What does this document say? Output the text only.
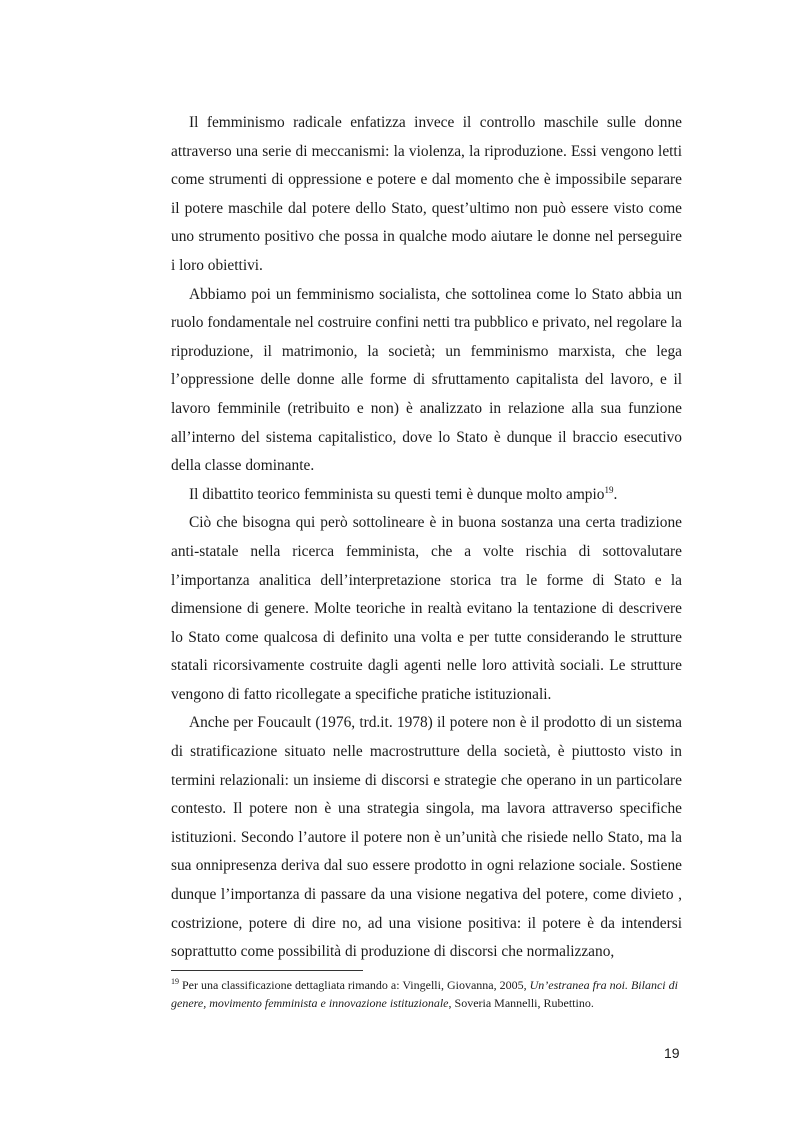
Il femminismo radicale enfatizza invece il controllo maschile sulle donne attraverso una serie di meccanismi: la violenza, la riproduzione. Essi vengono letti come strumenti di oppressione e potere e dal momento che è impossibile separare il potere maschile dal potere dello Stato, quest’ultimo non può essere visto come uno strumento positivo che possa in qualche modo aiutare le donne nel perseguire i loro obiettivi.

Abbiamo poi un femminismo socialista, che sottolinea come lo Stato abbia un ruolo fondamentale nel costruire confini netti tra pubblico e privato, nel regolare la riproduzione, il matrimonio, la società; un femminismo marxista, che lega l’oppressione delle donne alle forme di sfruttamento capitalista del lavoro, e il lavoro femminile (retribuito e non) è analizzato in relazione alla sua funzione all’interno del sistema capitalistico, dove lo Stato è dunque il braccio esecutivo della classe dominante.

Il dibattito teorico femminista su questi temi è dunque molto ampio$^{19}$.

Ciò che bisogna qui però sottolineare è in buona sostanza una certa tradizione anti-statale nella ricerca femminista, che a volte rischia di sottovalutare l’importanza analitica dell’interpretazione storica tra le forme di Stato e la dimensione di genere. Molte teoriche in realtà evitano la tentazione di descrivere lo Stato come qualcosa di definito una volta e per tutte considerando le strutture statali ricorsivamente costruite dagli agenti nelle loro attività sociali. Le strutture vengono di fatto ricollegate a specifiche pratiche istituzionali.

Anche per Foucault (1976, trd.it. 1978) il potere non è il prodotto di un sistema di stratificazione situato nelle macrostrutture della società, è piuttosto visto in termini relazionali: un insieme di discorsi e strategie che operano in un particolare contesto. Il potere non è una strategia singola, ma lavora attraverso specifiche istituzioni. Secondo l’autore il potere non è un’unità che risiede nello Stato, ma la sua onnipresenza deriva dal suo essere prodotto in ogni relazione sociale. Sostiene dunque l’importanza di passare da una visione negativa del potere, come divieto , costrizione, potere di dire no, ad una visione positiva: il potere è da intendersi soprattutto come possibilità di produzione di discorsi che normalizzano,

$^{19}$ Per una classificazione dettagliata rimando a: Vingelli, Giovanna, 2005, Un’estranea fra noi. Bilanci di genere, movimento femminista e innovazione istituzionale, Soveria Mannelli, Rubettino.

19
